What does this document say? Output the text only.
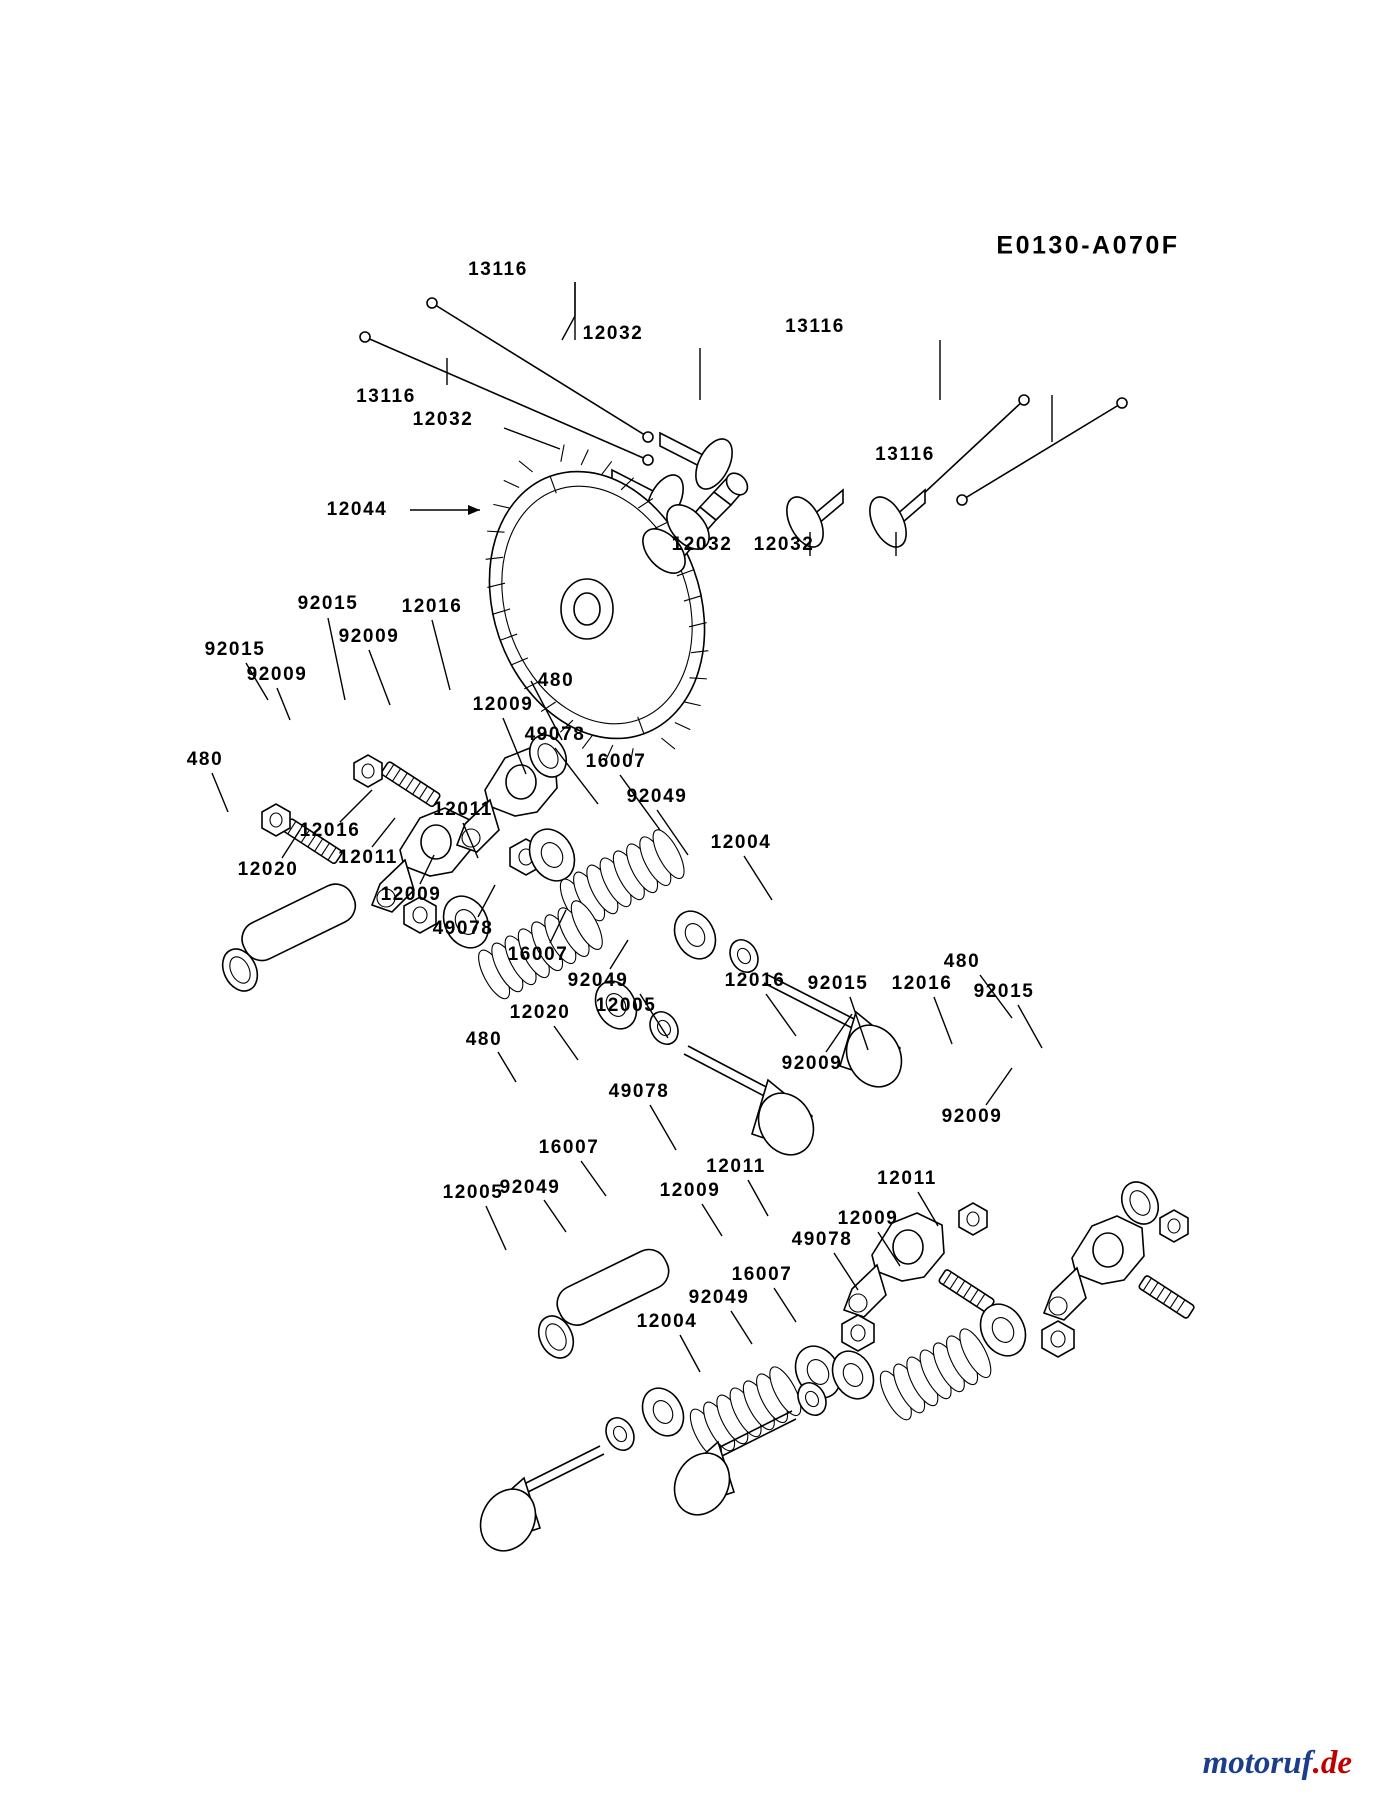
E0130-A070F
13116
12032	13116
13116
12032
13116
12044
12032 12032
92015 12016
92015
92009
92009	480
12009
49078
16007
480
92049
12011
12004
12016
12011
12020
12009
49078
16007
92049
12005
12016 92015 12016
480
92015
12020
480
92009
49078
92009
16007
12011
92049	12009
12011
12005
12009
49078
16007
92049
12004
motoruf.de
